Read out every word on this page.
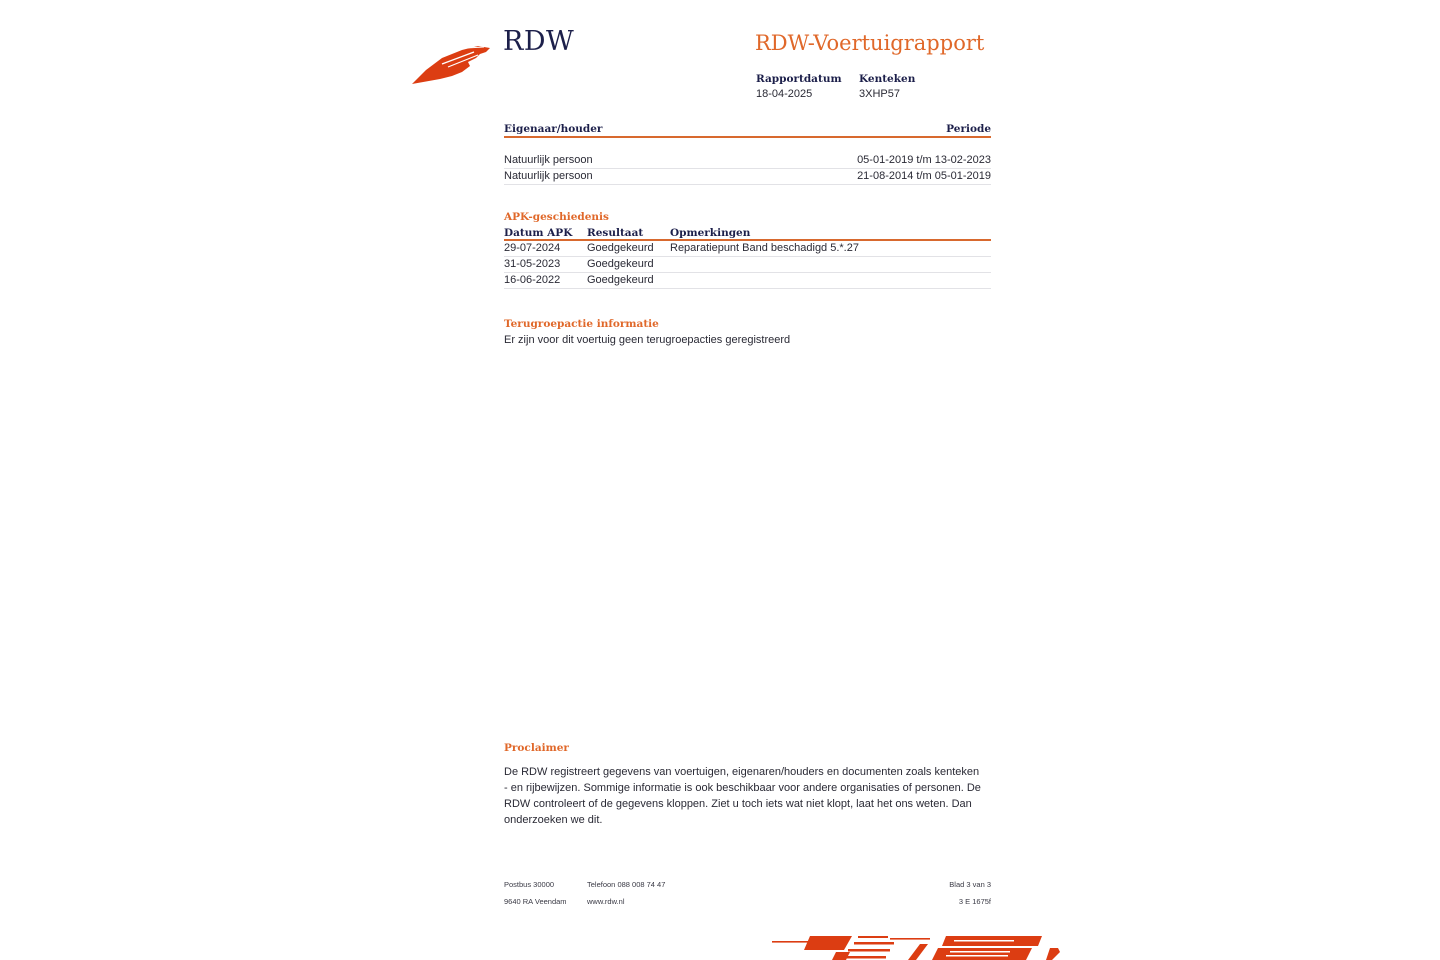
RDW	RDW-Voertuigrapport
Rapportdatum
18-04-2025
Kenteken
3XHP57
Eigenaar/houder	Periode
Natuurlijk persoon	05-01-2019 t/m 13-02-2023
Natuurlijk persoon	21-08-2014 t/m 05-01-2019
APK-geschiedenis
Datum APK	Resultaat	Opmerkingen
29-07-2024	Goedgekeurd	Reparatiepunt Band beschadigd 5.*.27
31-05-2023	Goedgekeurd
16-06-2022	Goedgekeurd
Terugroepactie informatie
Er zijn voor dit voertuig geen terugroepacties geregistreerd
Proclaimer
De RDW registreert gegevens van voertuigen, eigenaren/houders en documenten zoals kenteken - en rijbewijzen. Sommige informatie is ook beschikbaar voor andere organisaties of personen. De RDW controleert of de gegevens kloppen. Ziet u toch iets wat niet klopt, laat het ons weten. Dan onderzoeken we dit.
Postbus 30000
9640 RA Veendam
Telefoon 088 008 74 47
www.rdw.nl
Blad 3 van 3
3 E 1675f
